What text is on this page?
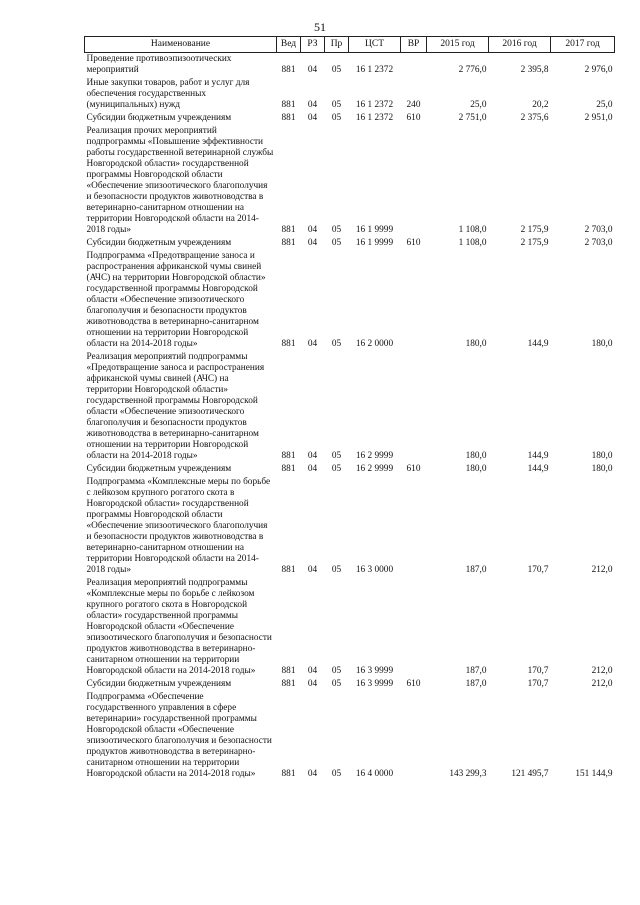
51
Наименование	Вед	РЗ	Пр	ЦСТ	ВР	2015 год	2016 год	2017 год
Проведение противоэпизоотических мероприятий	881	04	05	16 1 2372		2 776,0	2 395,8	2 976,0
Иные закупки товаров, работ и услуг для обеспечения государственных (муниципальных) нужд	881	04	05	16 1 2372	240	25,0	20,2	25,0
Субсидии бюджетным учреждениям	881	04	05	16 1 2372	610	2 751,0	2 375,6	2 951,0
Реализация прочих мероприятий подпрограммы «Повышение эффективности работы государственной ветеринарной службы Новгородской области» государственной программы Новгородской области «Обеспечение эпизоотического благополучия и безопасности продуктов животноводства в ветеринарно-санитарном отношении на территории Новгородской области на 2014-2018 годы»	881	04	05	16 1 9999		1 108,0	2 175,9	2 703,0
Субсидии бюджетным учреждениям	881	04	05	16 1 9999	610	1 108,0	2 175,9	2 703,0
Подпрограмма «Предотвращение заноса и распространения африканской чумы свиней (АЧС) на территории Новгородской области» государственной программы Новгородской области «Обеспечение эпизоотического благополучия и безопасности продуктов животноводства в ветеринарно-санитарном отношении на территории Новгородской области на 2014-2018 годы»	881	04	05	16 2 0000		180,0	144,9	180,0
Реализация мероприятий подпрограммы «Предотвращение заноса и распространения африканской чумы свиней (АЧС) на территории Новгородской области» государственной программы Новгородской области «Обеспечение эпизоотического благополучия и безопасности продуктов животноводства в ветеринарно-санитарном отношении на территории Новгородской области на 2014-2018 годы»	881	04	05	16 2 9999		180,0	144,9	180,0
Субсидии бюджетным учреждениям	881	04	05	16 2 9999	610	180,0	144,9	180,0
Подпрограмма «Комплексные меры по борьбе с лейкозом крупного рогатого скота в Новгородской области» государственной программы Новгородской области «Обеспечение эпизоотического благополучия и безопасности продуктов животноводства в ветеринарно-санитарном отношении на территории Новгородской области на 2014-2018 годы»	881	04	05	16 3 0000		187,0	170,7	212,0
Реализация мероприятий подпрограммы «Комплексные меры по борьбе с лейкозом крупного рогатого скота в Новгородской области» государственной программы Новгородской области «Обеспечение эпизоотического благополучия и безопасности продуктов животноводства в ветеринарно-санитарном отношении на территории Новгородской области на 2014-2018 годы»	881	04	05	16 3 9999		187,0	170,7	212,0
Субсидии бюджетным учреждениям	881	04	05	16 3 9999	610	187,0	170,7	212,0
Подпрограмма «Обеспечение государственного управления в сфере ветеринарии» государственной программы Новгородской области «Обеспечение эпизоотического благополучия и безопасности продуктов животноводства в ветеринарно-санитарном отношении на территории Новгородской области на 2014-2018 годы»	881	04	05	16 4 0000		143 299,3	121 495,7	151 144,9
